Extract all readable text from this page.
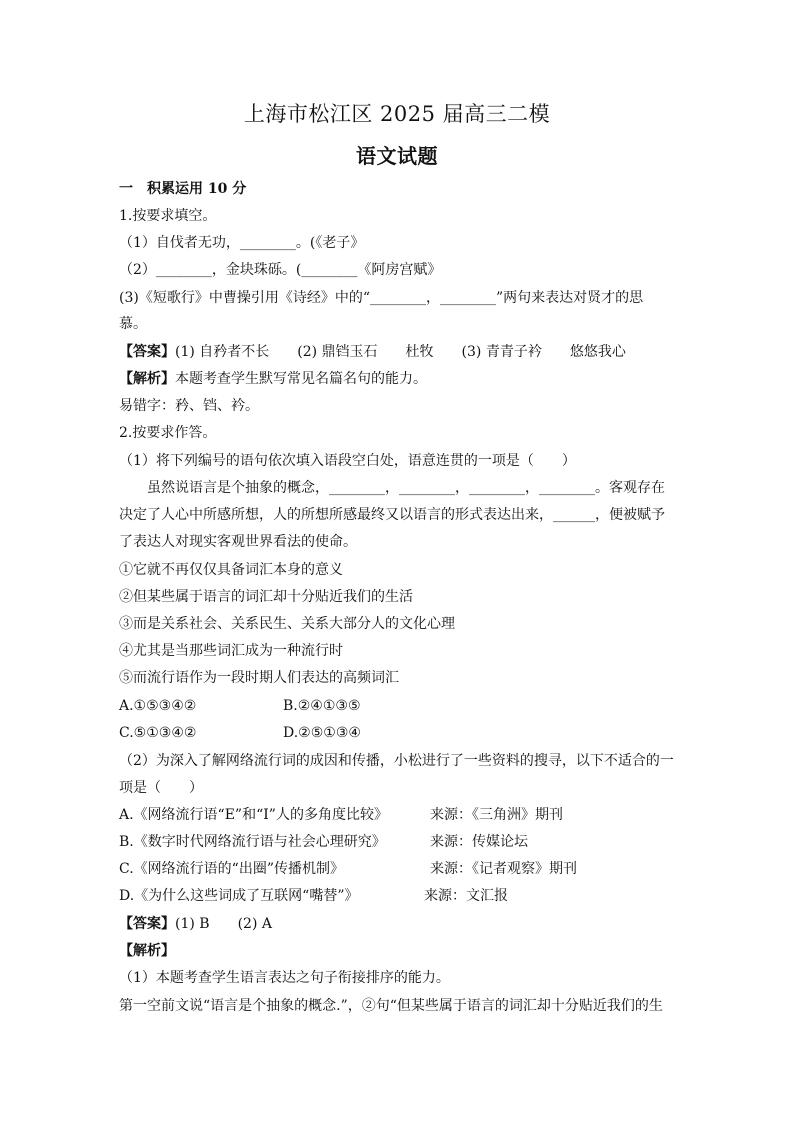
上海市松江区 2025 届高三二模
语文试题
一　积累运用 10 分
1.按要求填空。
（1）自伐者无功，________。(《老子》
（2）________，金块珠砾。(________《阿房宫赋》
(3)《短歌行》中曹操引用《诗经》中的“________，________”两句来表达对贤才的思
慕。
【答案】(1) 自矜者不长　　(2) 鼎铛玉石　　杜牧　　(3) 青青子衿　　悠悠我心
【解析】本题考查学生默写常见名篇名句的能力。
易错字：矜、铛、衿。
2.按要求作答。
（1）将下列编号的语句依次填入语段空白处，语意连贯的一项是（　　）
虽然说语言是个抽象的概念，________，________，________，________。客观存在
决定了人心中所感所想，人的所想所感最终又以语言的形式表达出来，______，便被赋予
了表达人对现实客观世界看法的使命。
①它就不再仅仅具备词汇本身的意义
②但某些属于语言的词汇却十分贴近我们的生活
③而是关系社会、关系民生、关系大部分人的文化心理
④尤其是当那些词汇成为一种流行时
⑤而流行语作为一段时期人们表达的高频词汇
A.①⑤③④②	B.②④①③⑤
C.⑤①③④②	D.②⑤①③④
（2）为深入了解网络流行词的成因和传播，小松进行了一些资料的搜寻，以下不适合的一
项是（　　）
A.《网络流行语“E”和“I”人的多角度比较》	来源：《三角洲》期刊
B.《数字时代网络流行语与社会心理研究》	来源：传媒论坛
C.《网络流行语的“出圈”传播机制》	来源：《记者观察》期刊
D.《为什么这些词成了互联网“嘴替”》	来源：文汇报
【答案】(1) B　　(2) A
【解析】
（1）本题考查学生语言表达之句子衔接排序的能力。
第一空前文说“语言是个抽象的概念.”，②句“但某些属于语言的词汇却十分贴近我们的生
